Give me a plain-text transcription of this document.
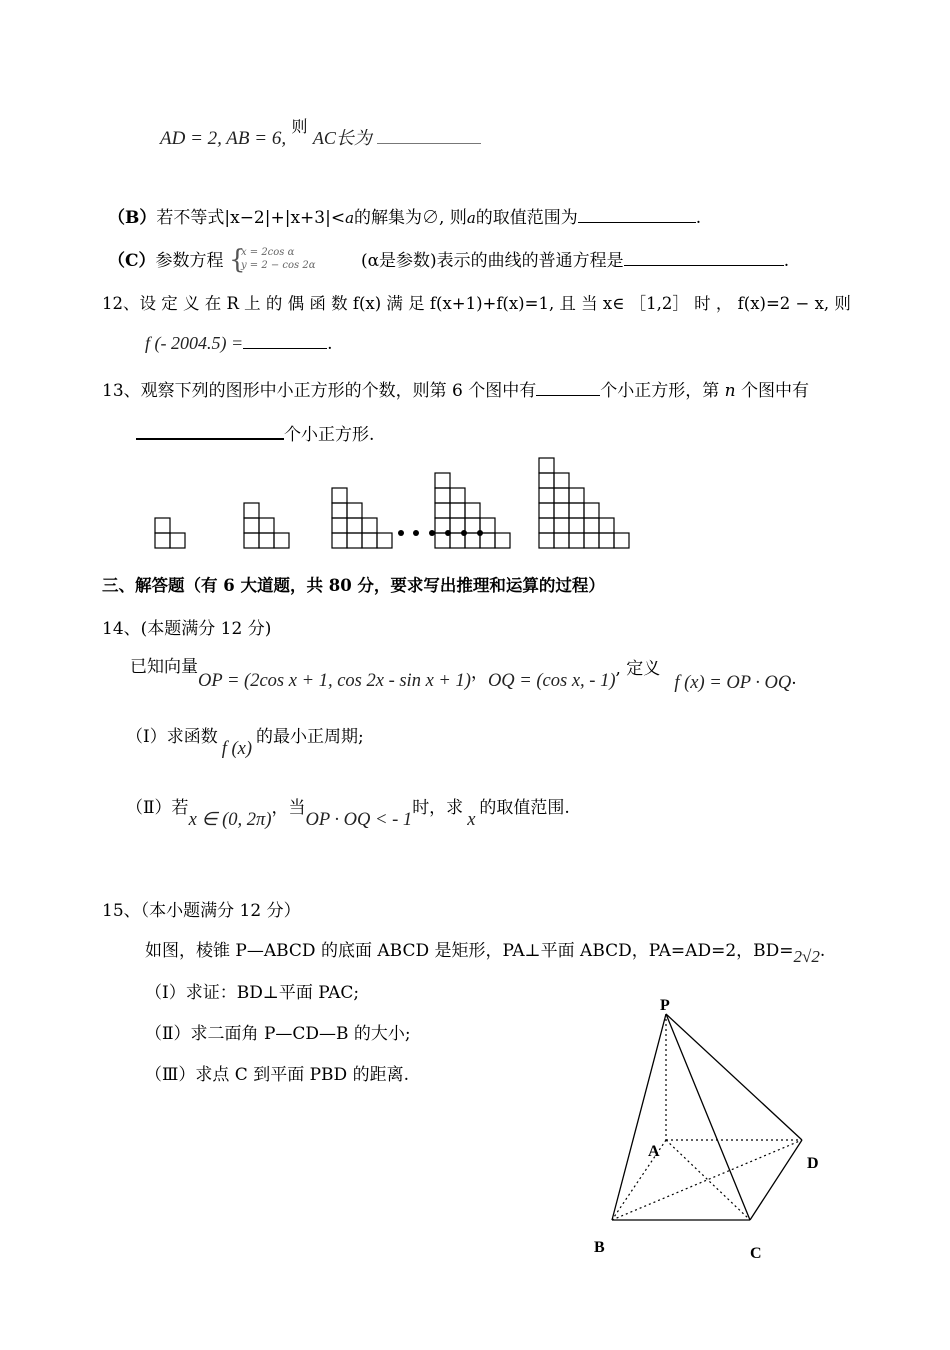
AD = 2, AB = 6, 则 AC长为
（B）若不等式|x−2|+|x+3|<a的解集为∅, 则a的取值范围为	.
（C）参数方程 {
x = 2cos α
y = 2 − cos 2α	(α是参数)表示的曲线的普通方程是	.
12、设 定 义 在 R 上 的 偶 函 数 f(x) 满 足 f(x+1)+f(x)=1, 且 当 x∈ ［1,2］ 时 ， f(x)=2 − x, 则
f (- 2004.5) =	.
13、观察下列的图形中小正方形的个数，则第 6 个图中有	个小正方形，第 n 个图中有
个小正方形.
三、解答题（有 6 大道题，共 80 分，要求写出推理和运算的过程）
14、(本题满分 12 分)
已知向量OP = (2cos x + 1, cos 2x - sin x + 1)，OQ = (cos x, - 1), 定义f (x) = OP · OQ.
（Ⅰ）求函数f (x)的最小正周期;
（Ⅱ）若x ∈ (0, 2π)，当OP · OQ < - 1时，求x的取值范围.
15、（本小题满分 12 分）
如图，棱锥 P—ABCD 的底面 ABCD 是矩形，PA⊥平面 ABCD，PA=AD=2，BD=2√2.
（Ⅰ）求证：BD⊥平面 PAC;
（Ⅱ）求二面角 P—CD—B 的大小;
（Ⅲ）求点 C 到平面 PBD 的距离.
P
A
B	C
D
